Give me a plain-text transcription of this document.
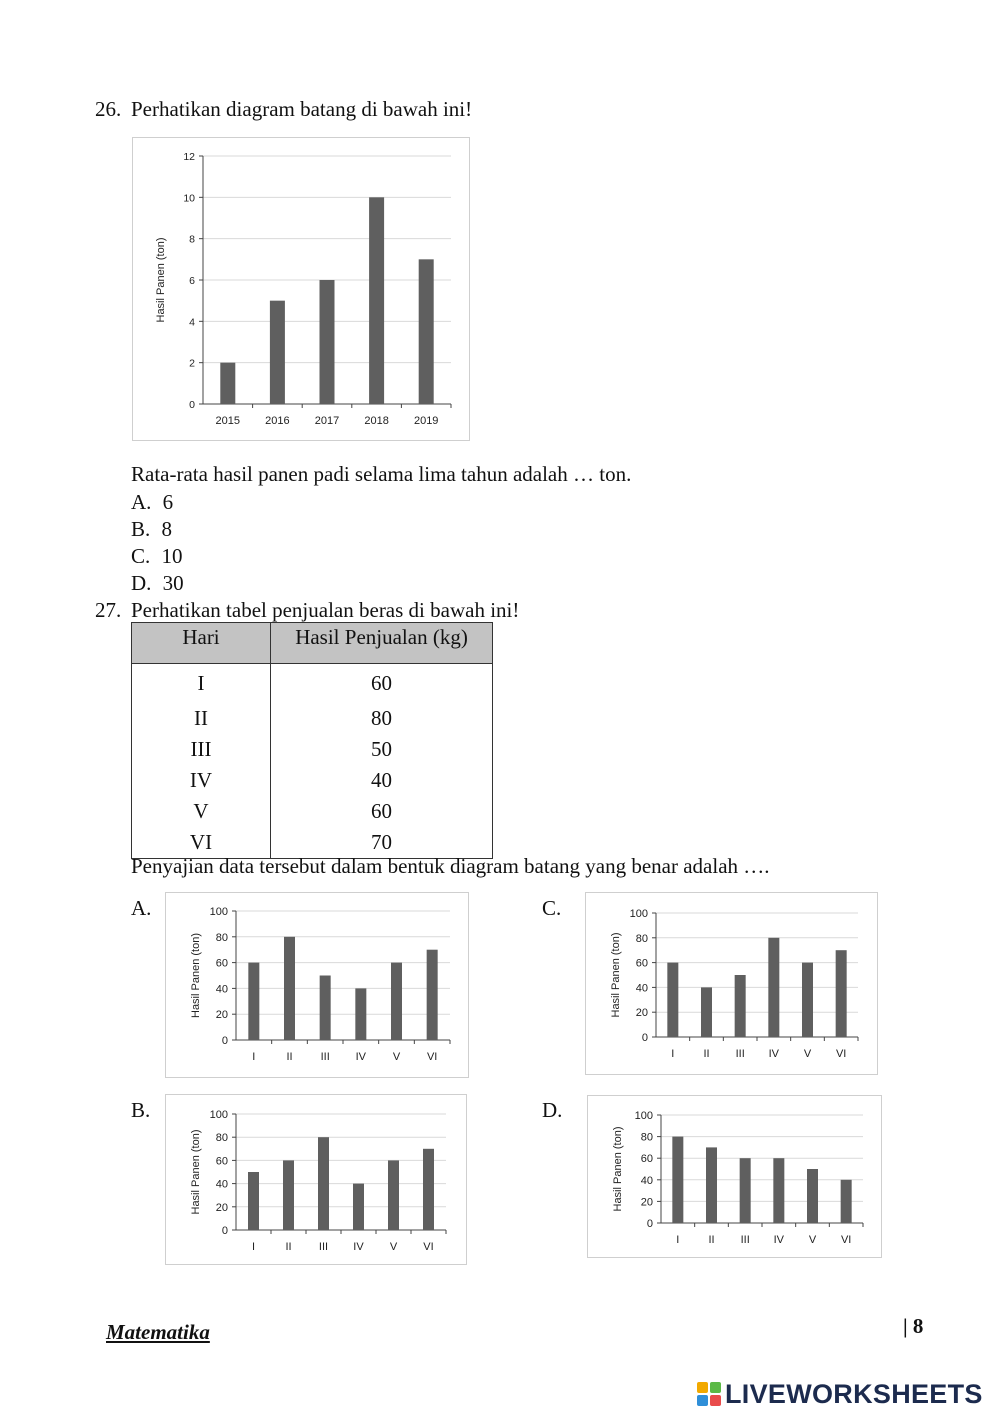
26. Perhatikan diagram batang di bawah ini!
0
2
4
6
8
10
12
2015 2016 2017 2018 2019
Hasil Panen (ton)
Rata-rata hasil panen padi selama lima tahun adalah … ton.
A. 6
B. 8
C. 10
D. 30
27. Perhatikan tabel penjualan beras di bawah ini!
Hari	Hasil Penjualan (kg)
I	60
II	80
III	50
IV	40
V	60
VI	70
Penyajian data tersebut dalam bentuk diagram batang yang benar adalah ….
A.
0
20
40
60
80
100
I	II	III IV V VI
Hasil Panen (ton)
C.
0
20
40
60
80
100
I	II III IV V VI
Hasil Panen (ton)
B.
0
20
40
60
80
100
I	II III IV V VI
Hasil Panen (ton)
D.
0
20
40
60
80
100
I	II III IV V VI
Hasil Panen (ton)
Matematika	| 8
LIVEWORKSHEETS
